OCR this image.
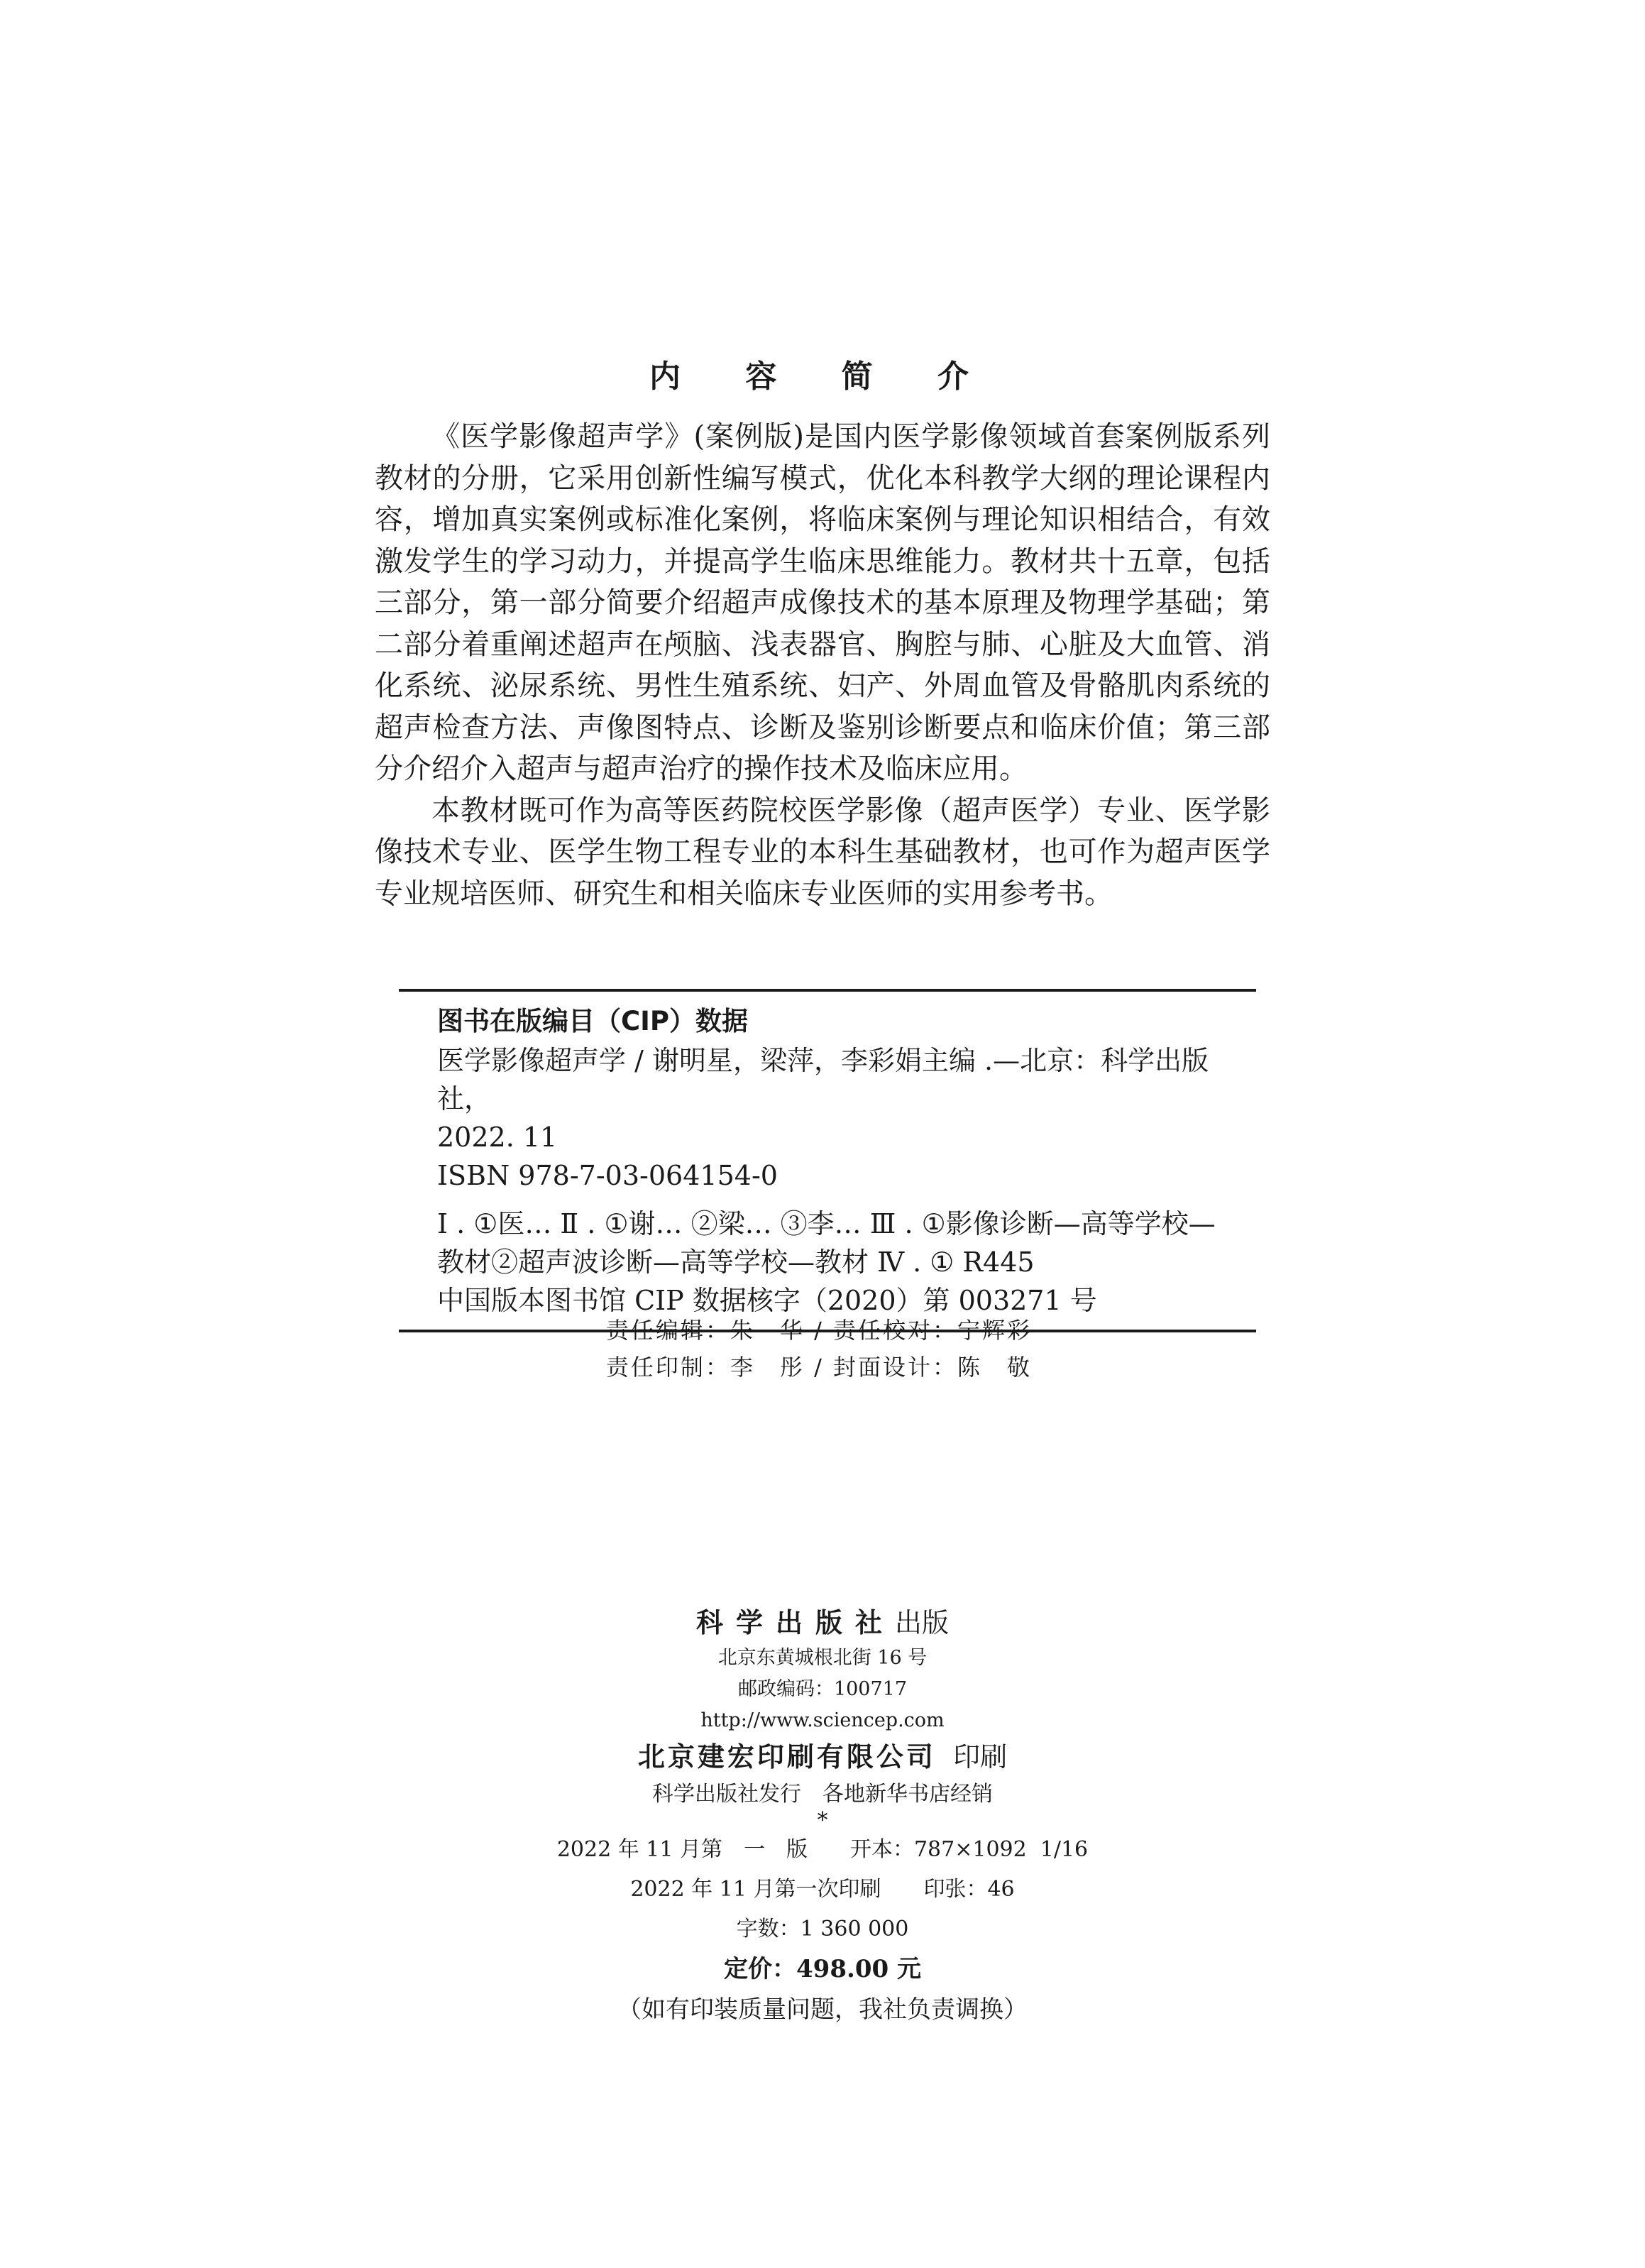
内 容 简 介

《医学影像超声学》(案例版)是国内医学影像领域首套案例版系列教材的分册，它采用创新性编写模式，优化本科教学大纲的理论课程内容，增加真实案例或标准化案例，将临床案例与理论知识相结合，有效激发学生的学习动力，并提高学生临床思维能力。教材共十五章，包括三部分，第一部分简要介绍超声成像技术的基本原理及物理学基础；第二部分着重阐述超声在颅脑、浅表器官、胸腔与肺、心脏及大血管、消化系统、泌尿系统、男性生殖系统、妇产、外周血管及骨骼肌肉系统的超声检查方法、声像图特点、诊断及鉴别诊断要点和临床价值；第三部分介绍介入超声与超声治疗的操作技术及临床应用。

本教材既可作为高等医药院校医学影像（超声医学）专业、医学影像技术专业、医学生物工程专业的本科生基础教材，也可作为超声医学专业规培医师、研究生和相关临床专业医师的实用参考书。

图书在版编目（CIP）数据
医学影像超声学 / 谢明星，梁萍，李彩娟主编 .—北京：科学出版社，
2022. 11
ISBN 978-7-03-064154-0
Ⅰ . ①医… Ⅱ . ①谢… ②梁… ③李… Ⅲ . ①影像诊断—高等学校—
教材②超声波诊断—高等学校—教材 Ⅳ . ① R445
中国版本图书馆 CIP 数据核字（2020）第 003271 号
责任编辑：朱　华 / 责任校对：宁辉彩
责任印制：李　彤 / 封面设计：陈　敬
科学出版社出版
北京东黄城根北街 16 号
邮政编码：100717
http://www.sciencep.com
北京建宏印刷有限公司 印刷
科学出版社发行　各地新华书店经销
*
2022 年 11 月第　一　版　　开本：787×1092  1/16
2022 年 11 月第一次印刷　　印张：46
字数：1 360 000
定价：498.00 元
（如有印装质量问题，我社负责调换）
